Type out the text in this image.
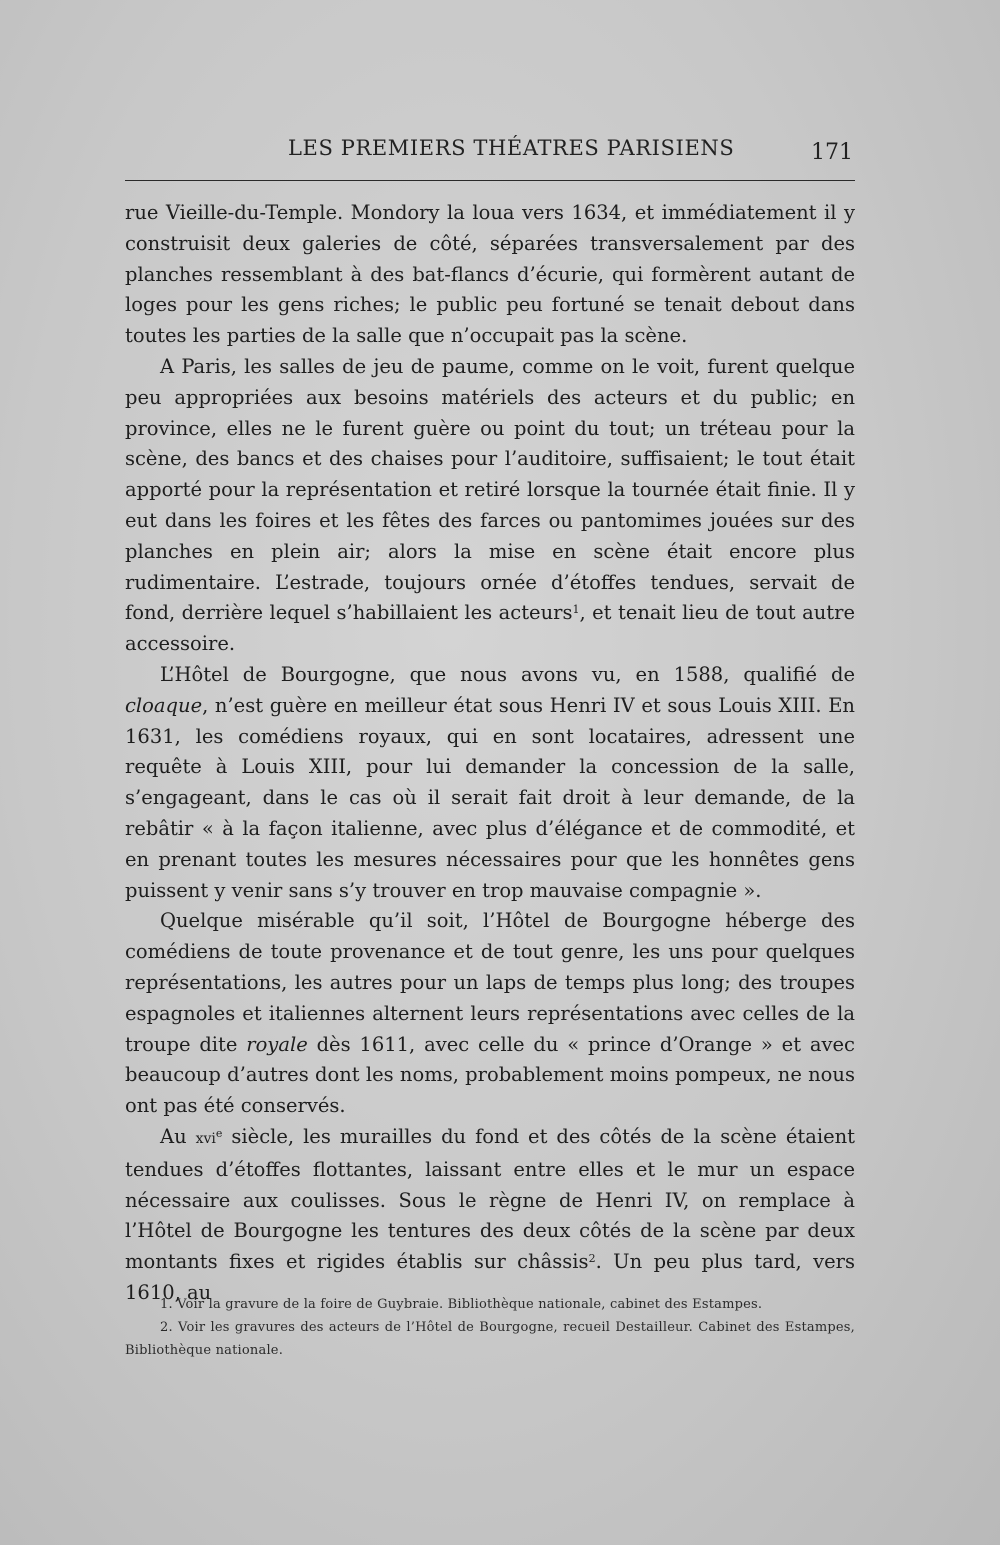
LES PREMIERS THÉATRES PARISIENS	171

rue Vieille-du-Temple. Mondory la loua vers 1634, et immédiatement il y construisit deux galeries de côté, séparées transversalement par des planches ressemblant à des bat-flancs d’écurie, qui formèrent autant de loges pour les gens riches; le public peu fortuné se tenait debout dans toutes les parties de la salle que n’occupait pas la scène.

A Paris, les salles de jeu de paume, comme on le voit, furent quelque peu appropriées aux besoins matériels des acteurs et du public; en province, elles ne le furent guère ou point du tout; un tréteau pour la scène, des bancs et des chaises pour l’auditoire, suffisaient; le tout était apporté pour la représentation et retiré lorsque la tournée était finie. Il y eut dans les foires et les fêtes des farces ou pantomimes jouées sur des planches en plein air; alors la mise en scène était encore plus rudimentaire. L’estrade, toujours ornée d’étoffes tendues, servait de fond, derrière lequel s’habillaient les acteurs$^1$, et tenait lieu de tout autre accessoire.

L’Hôtel de Bourgogne, que nous avons vu, en 1588, qualifié de cloaque, n’est guère en meilleur état sous Henri IV et sous Louis XIII. En 1631, les comédiens royaux, qui en sont locataires, adressent une requête à Louis XIII, pour lui demander la concession de la salle, s’engageant, dans le cas où il serait fait droit à leur demande, de la rebâtir « à la façon italienne, avec plus d’élégance et de commodité, et en prenant toutes les mesures nécessaires pour que les honnêtes gens puissent y venir sans s’y trouver en trop mauvaise compagnie ».

Quelque misérable qu’il soit, l’Hôtel de Bourgogne héberge des comédiens de toute provenance et de tout genre, les uns pour quelques représentations, les autres pour un laps de temps plus long; des troupes espagnoles et italiennes alternent leurs représentations avec celles de la troupe dite royale dès 1611, avec celle du « prince d’Orange » et avec beaucoup d’autres dont les noms, probablement moins pompeux, ne nous ont pas été conservés.

Au xvi$^e$ siècle, les murailles du fond et des côtés de la scène étaient tendues d’étoffes flottantes, laissant entre elles et le mur un espace nécessaire aux coulisses. Sous le règne de Henri IV, on remplace à l’Hôtel de Bourgogne les tentures des deux côtés de la scène par deux montants fixes et rigides établis sur châssis$^2$. Un peu plus tard, vers 1610, au

1. Voir la gravure de la foire de Guybraie. Bibliothèque nationale, cabinet des Estampes.

2. Voir les gravures des acteurs de l’Hôtel de Bourgogne, recueil Destailleur. Cabinet des Estampes, Bibliothèque nationale.
